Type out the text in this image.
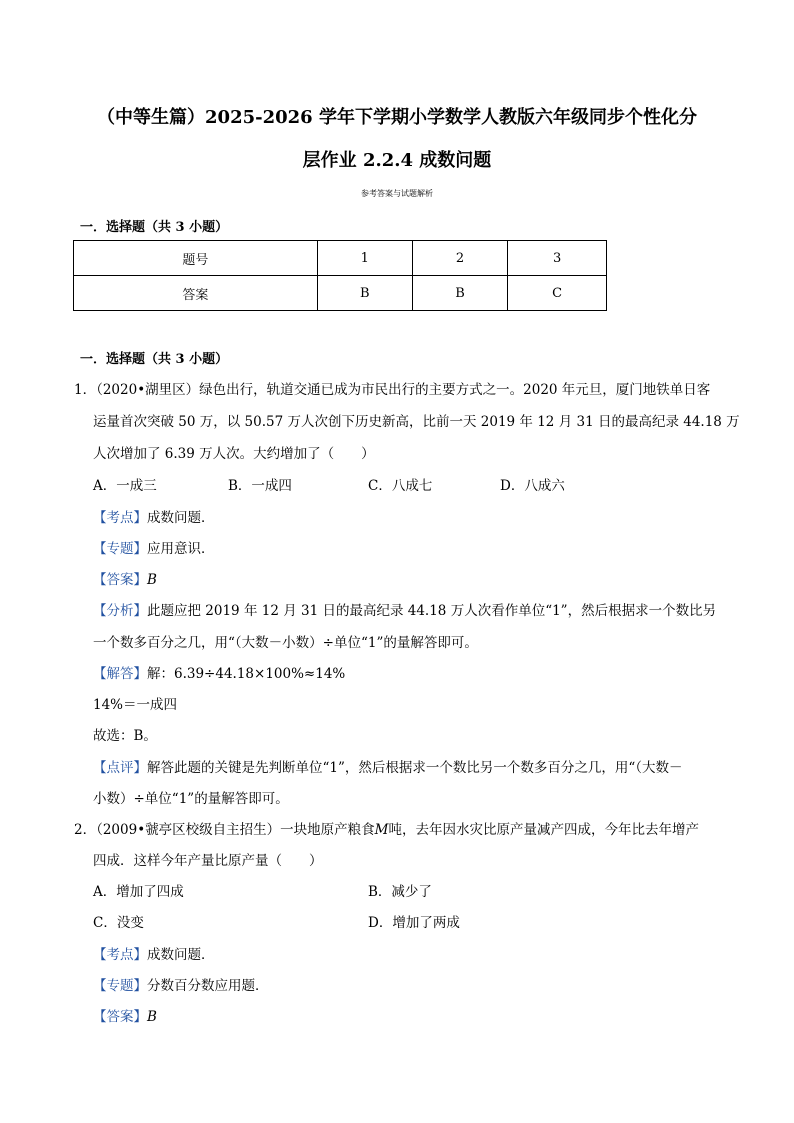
（中等生篇）2025-2026 学年下学期小学数学人教版六年级同步个性化分
层作业 2.2.4 成数问题
参考答案与试题解析
一．选择题（共 3 小题）
题号	1	2	3
答案	B	B	C
一．选择题（共 3 小题）
1．（2020•湖里区）绿色出行，轨道交通已成为市民出行的主要方式之一。2020 年元旦，厦门地铁单日客
运量首次突破 50 万，以 50.57 万人次创下历史新高，比前一天 2019 年 12 月 31 日的最高纪录 44.18 万
人次增加了 6.39 万人次。大约增加了（　　）
A．一成三	B．一成四	C．八成七	D．八成六
【考点】成数问题．
【专题】应用意识．
【答案】B
【分析】此题应把 2019 年 12 月 31 日的最高纪录 44.18 万人次看作单位“1”，然后根据求一个数比另
一个数多百分之几，用“（大数－小数）÷单位“1”的量解答即可。
【解答】解：6.39÷44.18×100%≈14%
14%＝一成四
故选：B。
【点评】解答此题的关键是先判断单位“1”，然后根据求一个数比另一个数多百分之几，用“（大数－
小数）÷单位“1”的量解答即可。
2．（2009•虢亭区校级自主招生）一块地原产粮食M吨，去年因水灾比原产量减产四成，今年比去年增产
四成．这样今年产量比原产量（　　）
A．增加了四成	B．减少了
C．没变	D．增加了两成
【考点】成数问题．
【专题】分数百分数应用题．
【答案】B
